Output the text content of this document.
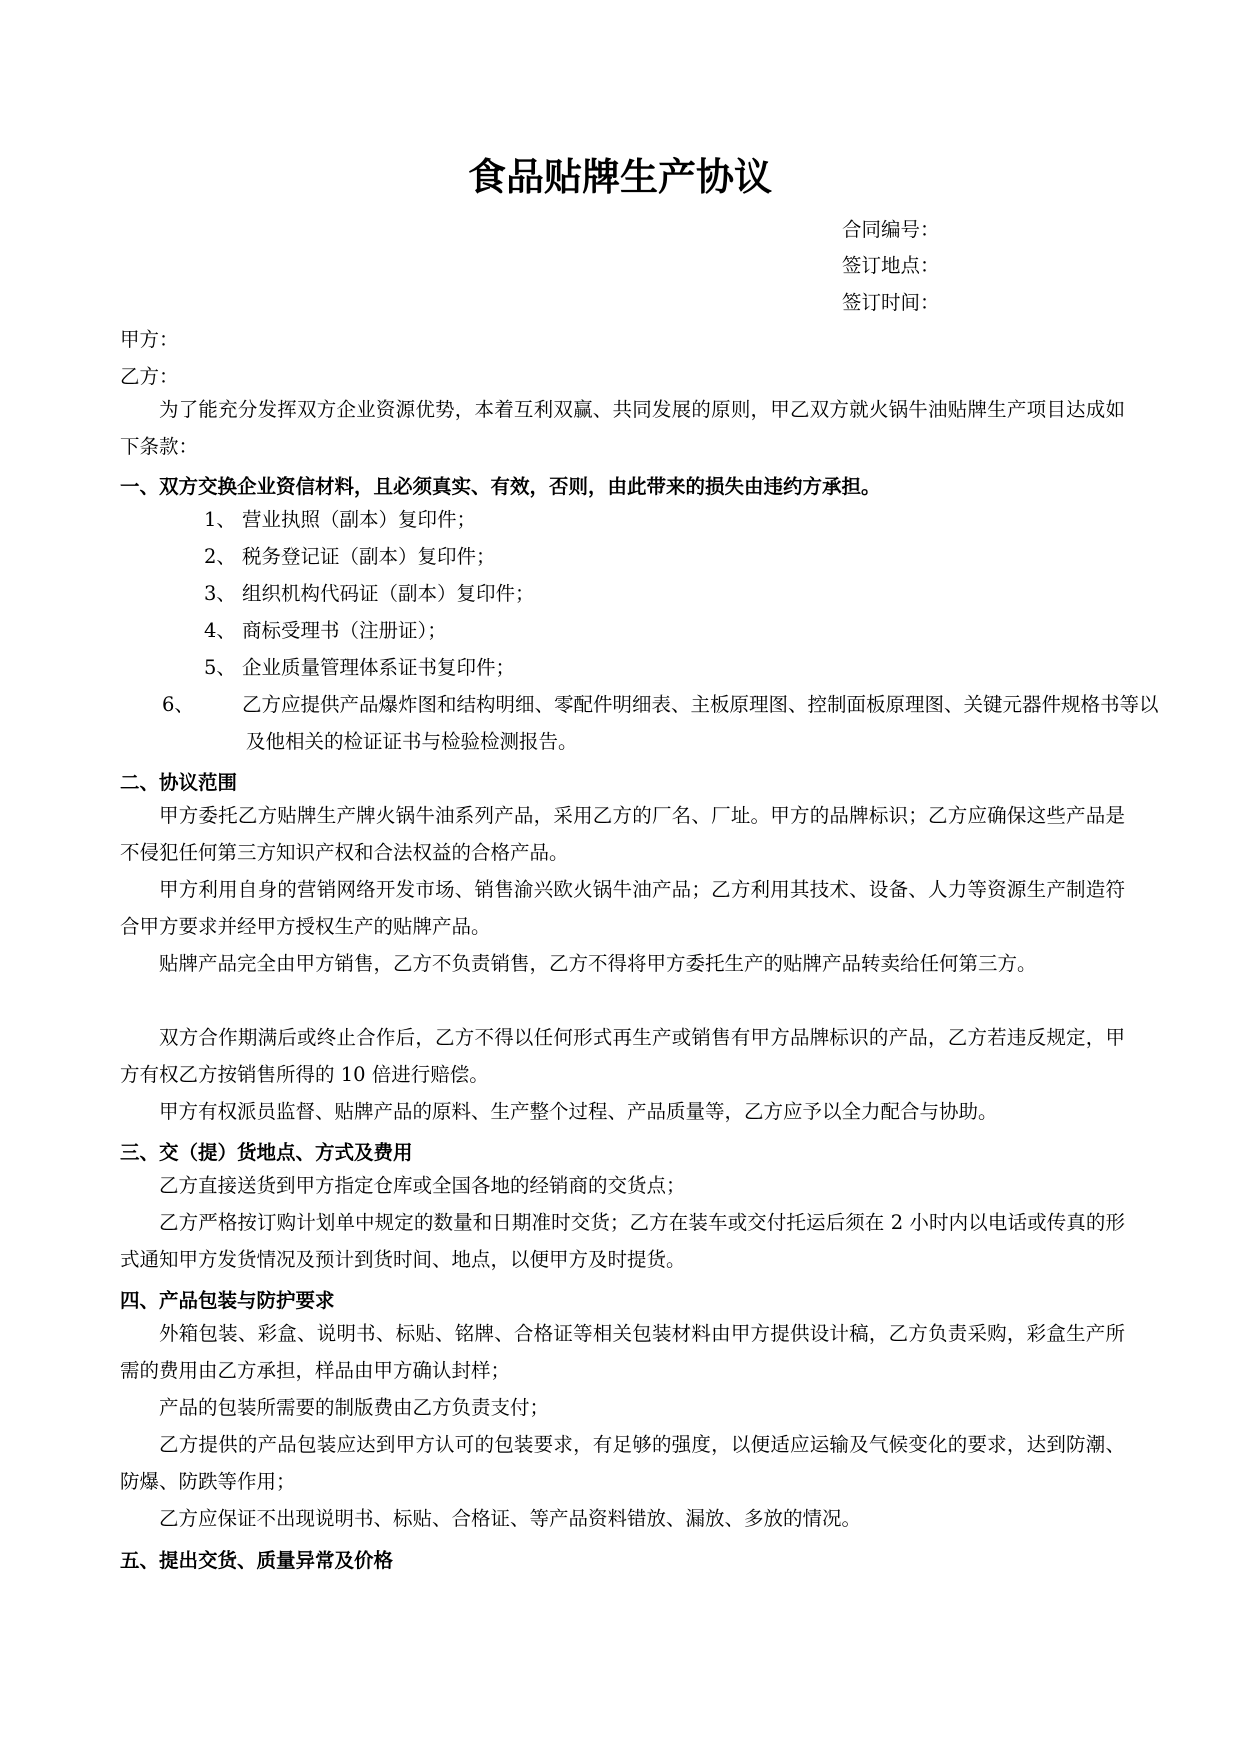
食品贴牌生产协议
合同编号：
签订地点：
签订时间：
甲方：
乙方：
为了能充分发挥双方企业资源优势，本着互利双赢、共同发展的原则，甲乙双方就火锅牛油贴牌生产项目达成如下条款：
一、双方交换企业资信材料，且必须真实、有效，否则，由此带来的损失由违约方承担。
1、 营业执照（副本）复印件；
2、 税务登记证（副本）复印件；
3、 组织机构代码证（副本）复印件；
4、 商标受理书（注册证）；
5、 企业质量管理体系证书复印件；
6、 乙方应提供产品爆炸图和结构明细、零配件明细表、主板原理图、控制面板原理图、关键元器件规格书等以及他相关的检证证书与检验检测报告。
二、协议范围
甲方委托乙方贴牌生产牌火锅牛油系列产品，采用乙方的厂名、厂址。甲方的品牌标识；乙方应确保这些产品是不侵犯任何第三方知识产权和合法权益的合格产品。
甲方利用自身的营销网络开发市场、销售渝兴欧火锅牛油产品；乙方利用其技术、设备、人力等资源生产制造符合甲方要求并经甲方授权生产的贴牌产品。
贴牌产品完全由甲方销售，乙方不负责销售，乙方不得将甲方委托生产的贴牌产品转卖给任何第三方。
双方合作期满后或终止合作后，乙方不得以任何形式再生产或销售有甲方品牌标识的产品，乙方若违反规定，甲方有权乙方按销售所得的 10 倍进行赔偿。
甲方有权派员监督、贴牌产品的原料、生产整个过程、产品质量等，乙方应予以全力配合与协助。
三、交（提）货地点、方式及费用
乙方直接送货到甲方指定仓库或全国各地的经销商的交货点；
乙方严格按订购计划单中规定的数量和日期准时交货；乙方在装车或交付托运后须在 2 小时内以电话或传真的形式通知甲方发货情况及预计到货时间、地点，以便甲方及时提货。
四、产品包装与防护要求
外箱包装、彩盒、说明书、标贴、铭牌、合格证等相关包装材料由甲方提供设计稿，乙方负责采购，彩盒生产所需的费用由乙方承担，样品由甲方确认封样；
产品的包装所需要的制版费由乙方负责支付；
乙方提供的产品包装应达到甲方认可的包装要求，有足够的强度，以便适应运输及气候变化的要求，达到防潮、防爆、防跌等作用；
乙方应保证不出现说明书、标贴、合格证、等产品资料错放、漏放、多放的情况。
五、提出交货、质量异常及价格
